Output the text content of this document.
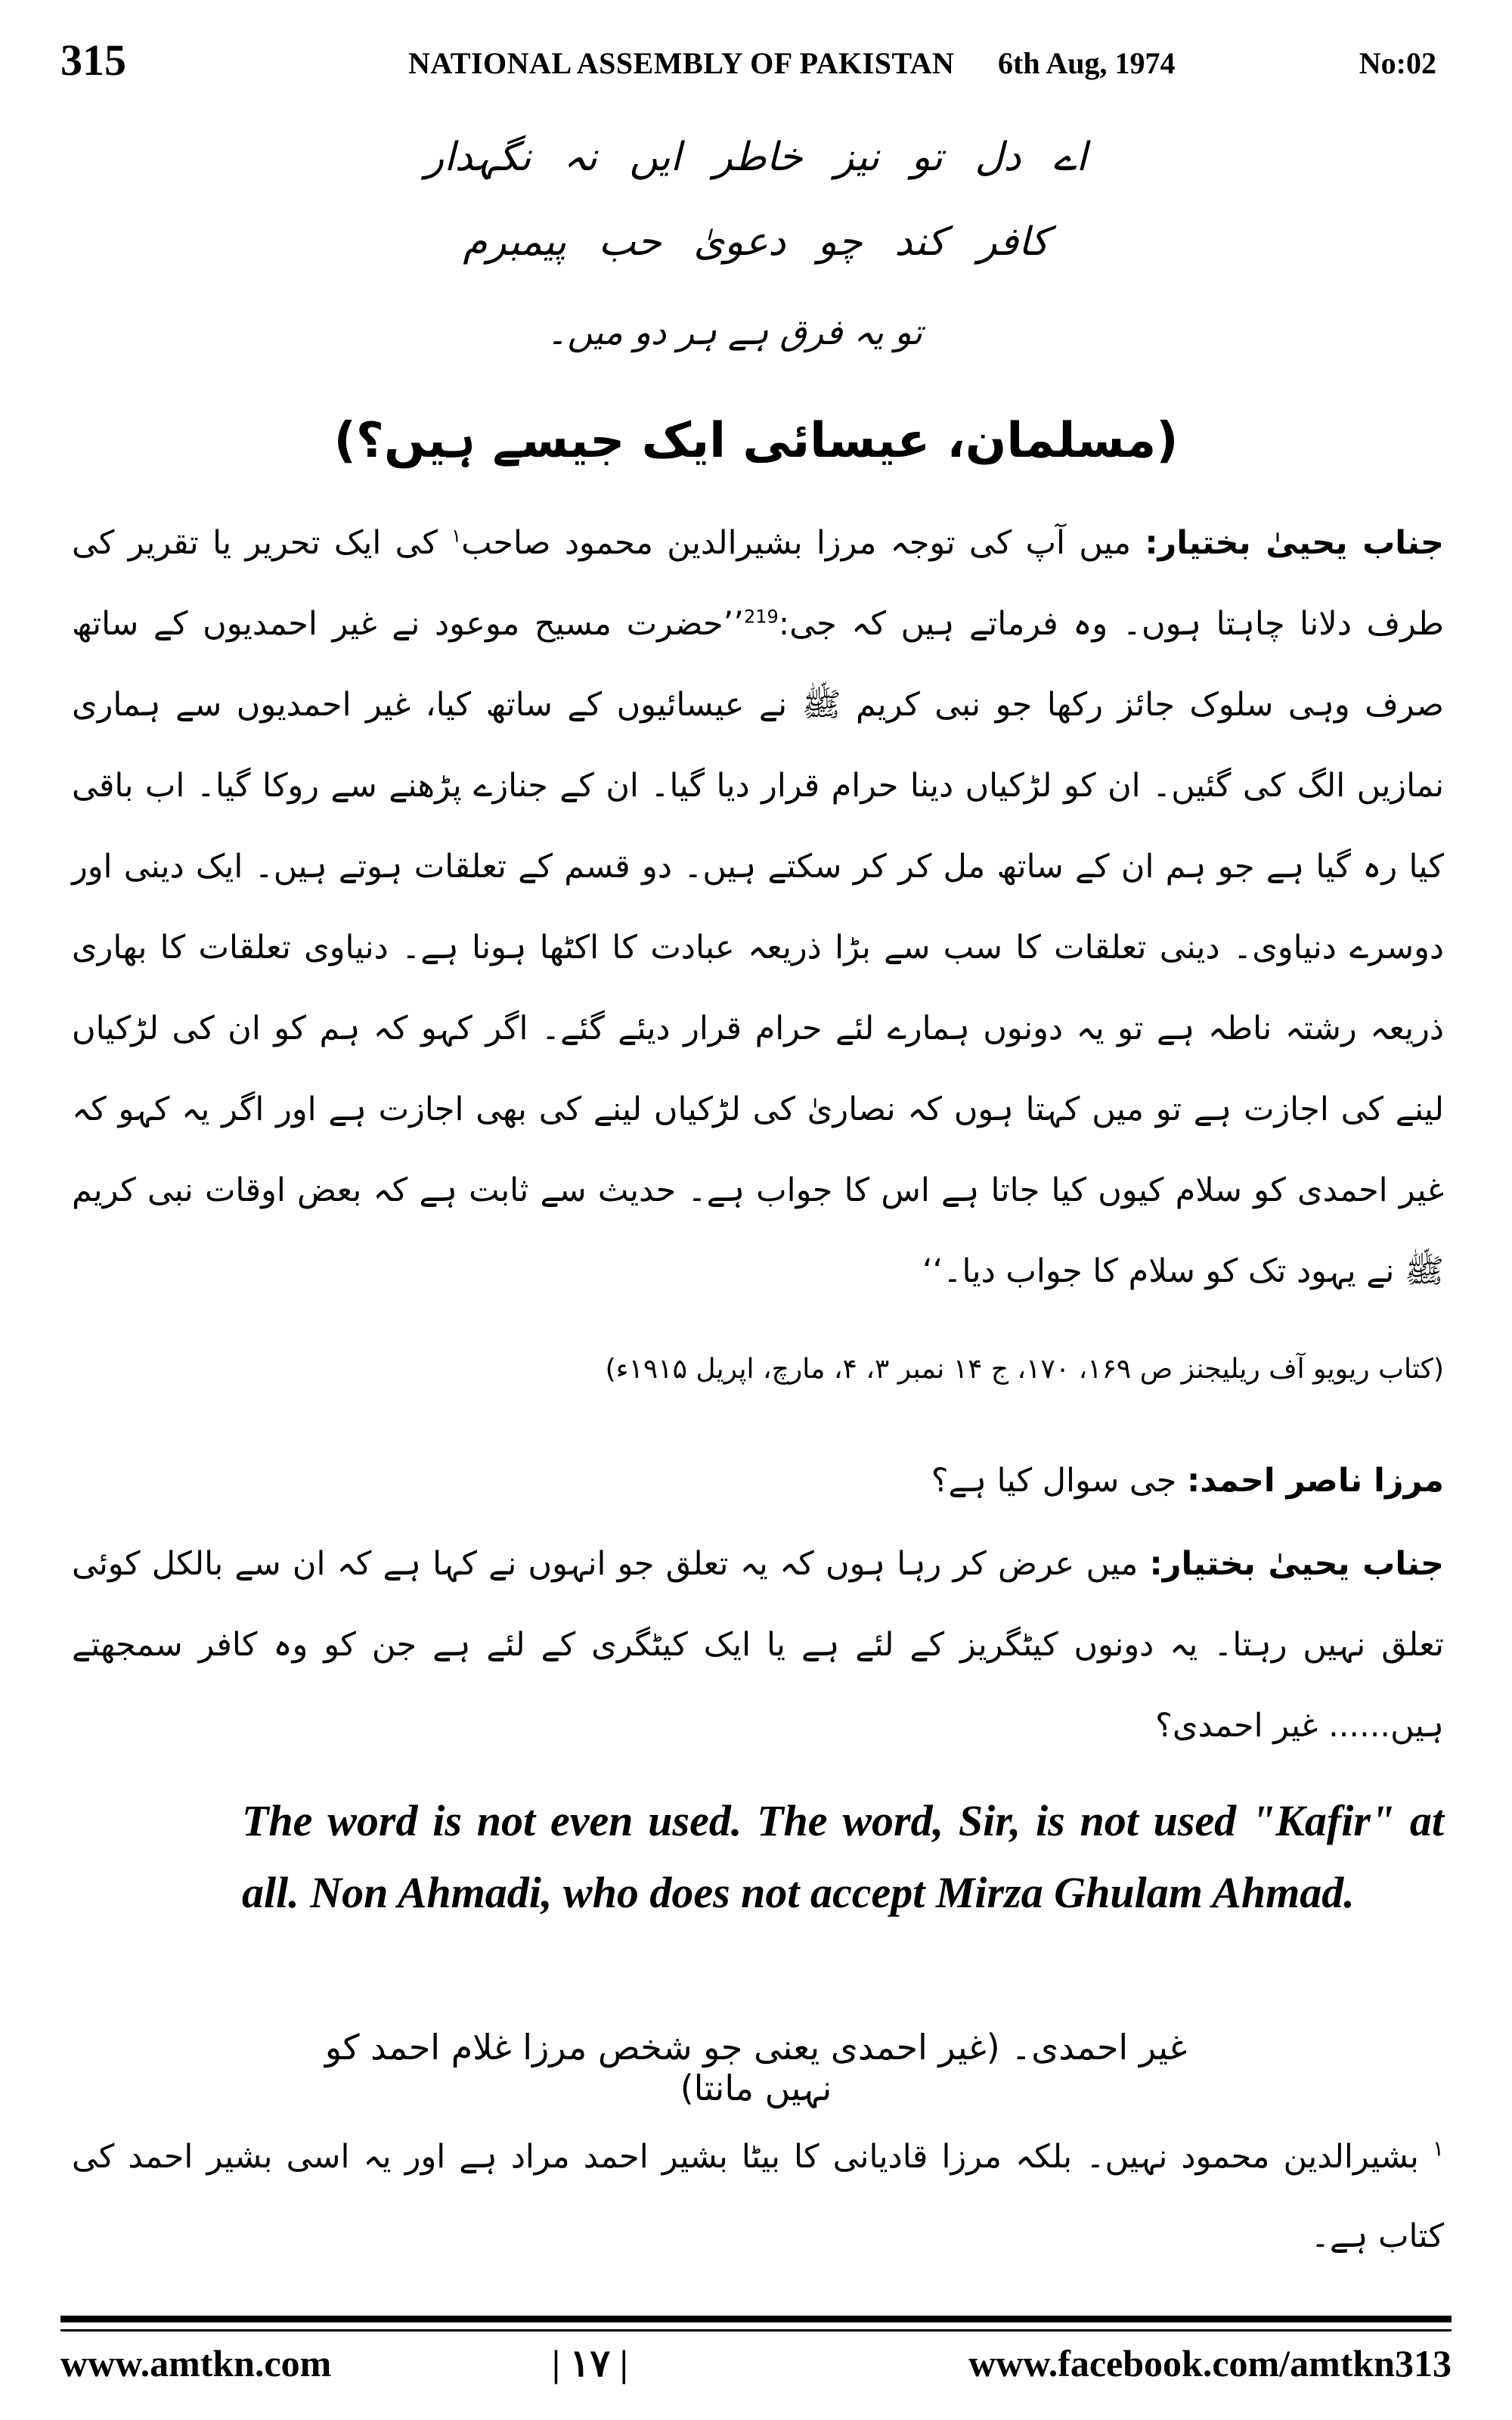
315	NATIONAL ASSEMBLY OF PAKISTAN 6th Aug, 1974	No:02
اے دل تو نیز خاطر ایں نہ نگہدار
کافر کند چو دعویٰ حب پیمبرم
تو یہ فرق ہے ہر دو میں۔
(مسلمان، عیسائی ایک جیسے ہیں؟)
جناب یحییٰ بختیار: میں آپ کی توجہ مرزا بشیرالدین محمود صاحب$^۱$ کی ایک تحریر یا تقریر کی طرف دلانا چاہتا ہوں۔ وہ فرماتے ہیں کہ جی:$^{219}$’’حضرت مسیح موعود نے غیر احمدیوں کے ساتھ صرف وہی سلوک جائز رکھا جو نبی کریم ﷺ نے عیسائیوں کے ساتھ کیا، غیر احمدیوں سے ہماری نمازیں الگ کی گئیں۔ ان کو لڑکیاں دینا حرام قرار دیا گیا۔ ان کے جنازے پڑھنے سے روکا گیا۔ اب باقی کیا رہ گیا ہے جو ہم ان کے ساتھ مل کر کر سکتے ہیں۔ دو قسم کے تعلقات ہوتے ہیں۔ ایک دینی اور دوسرے دنیاوی۔ دینی تعلقات کا سب سے بڑا ذریعہ عبادت کا اکٹھا ہونا ہے۔ دنیاوی تعلقات کا بھاری ذریعہ رشتہ ناطہ ہے تو یہ دونوں ہمارے لئے حرام قرار دیئے گئے۔ اگر کہو کہ ہم کو ان کی لڑکیاں لینے کی اجازت ہے تو میں کہتا ہوں کہ نصاریٰ کی لڑکیاں لینے کی بھی اجازت ہے اور اگر یہ کہو کہ غیر احمدی کو سلام کیوں کیا جاتا ہے اس کا جواب ہے۔ حدیث سے ثابت ہے کہ بعض اوقات نبی کریم ﷺ نے یہود تک کو سلام کا جواب دیا۔‘‘
(کتاب ریویو آف ریلیجنز ص ۱۶۹، ۱۷۰، ج ۱۴ نمبر ۳، ۴، مارچ، اپریل ۱۹۱۵ء)
مرزا ناصر احمد: جی سوال کیا ہے؟
جناب یحییٰ بختیار: میں عرض کر رہا ہوں کہ یہ تعلق جو انہوں نے کہا ہے کہ ان سے بالکل کوئی تعلق نہیں رہتا۔ یہ دونوں کیٹگریز کے لئے ہے یا ایک کیٹگری کے لئے ہے جن کو وہ کافر سمجھتے ہیں...... غیر احمدی؟
The word is not even used. The word, Sir, is not used "Kafir" at all. Non Ahmadi, who does not accept Mirza Ghulam Ahmad.
غیر احمدی۔ (غیر احمدی یعنی جو شخص مرزا غلام احمد کو نہیں مانتا)
$^۱$ بشیرالدین محمود نہیں۔ بلکہ مرزا قادیانی کا بیٹا بشیر احمد مراد ہے اور یہ اسی بشیر احمد کی کتاب ہے۔
www.amtkn.com	| ۱۷ |	www.facebook.com/amtkn313
